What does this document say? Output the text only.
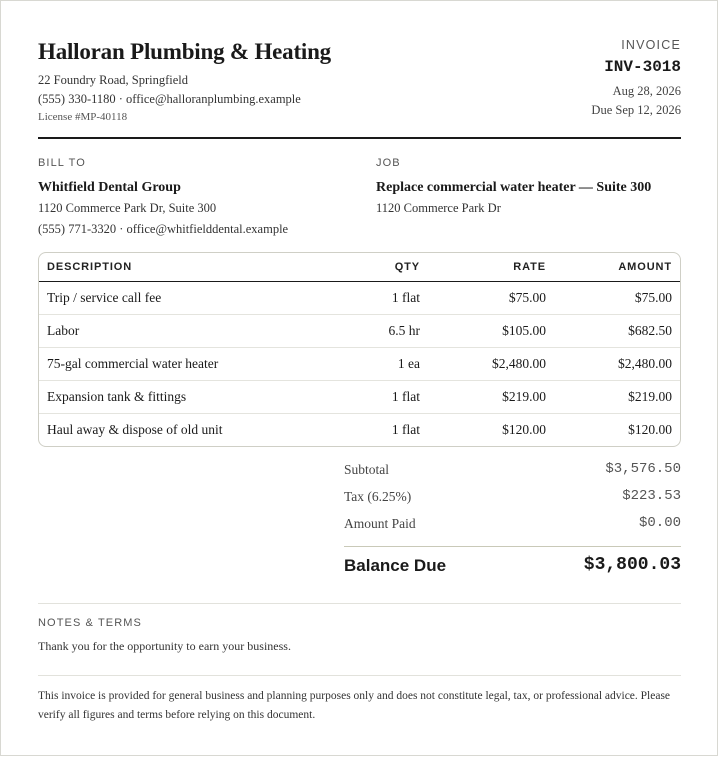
Halloran Plumbing & Heating
22 Foundry Road, Springfield
(555) 330-1180 · office@halloranplumbing.example
License #MP-40118
INVOICE
INV-3018
Aug 28, 2026
Due Sep 12, 2026
BILL TO
Whitfield Dental Group
1120 Commerce Park Dr, Suite 300
(555) 771-3320 · office@whitfielddental.example
JOB
Replace commercial water heater — Suite 300
1120 Commerce Park Dr
DESCRIPTION	QTY	RATE	AMOUNT
Trip / service call fee	1 flat	$75.00	$75.00
Labor	6.5 hr	$105.00	$682.50
75-gal commercial water heater	1 ea	$2,480.00	$2,480.00
Expansion tank & fittings	1 flat	$219.00	$219.00
Haul away & dispose of old unit	1 flat	$120.00	$120.00
Subtotal	$3,576.50
Tax (6.25%)	$223.53
Amount Paid	$0.00
Balance Due	$3,800.03
NOTES & TERMS
Thank you for the opportunity to earn your business.
This invoice is provided for general business and planning purposes only and does not constitute legal, tax, or professional advice. Please verify all figures and terms before relying on this document.
